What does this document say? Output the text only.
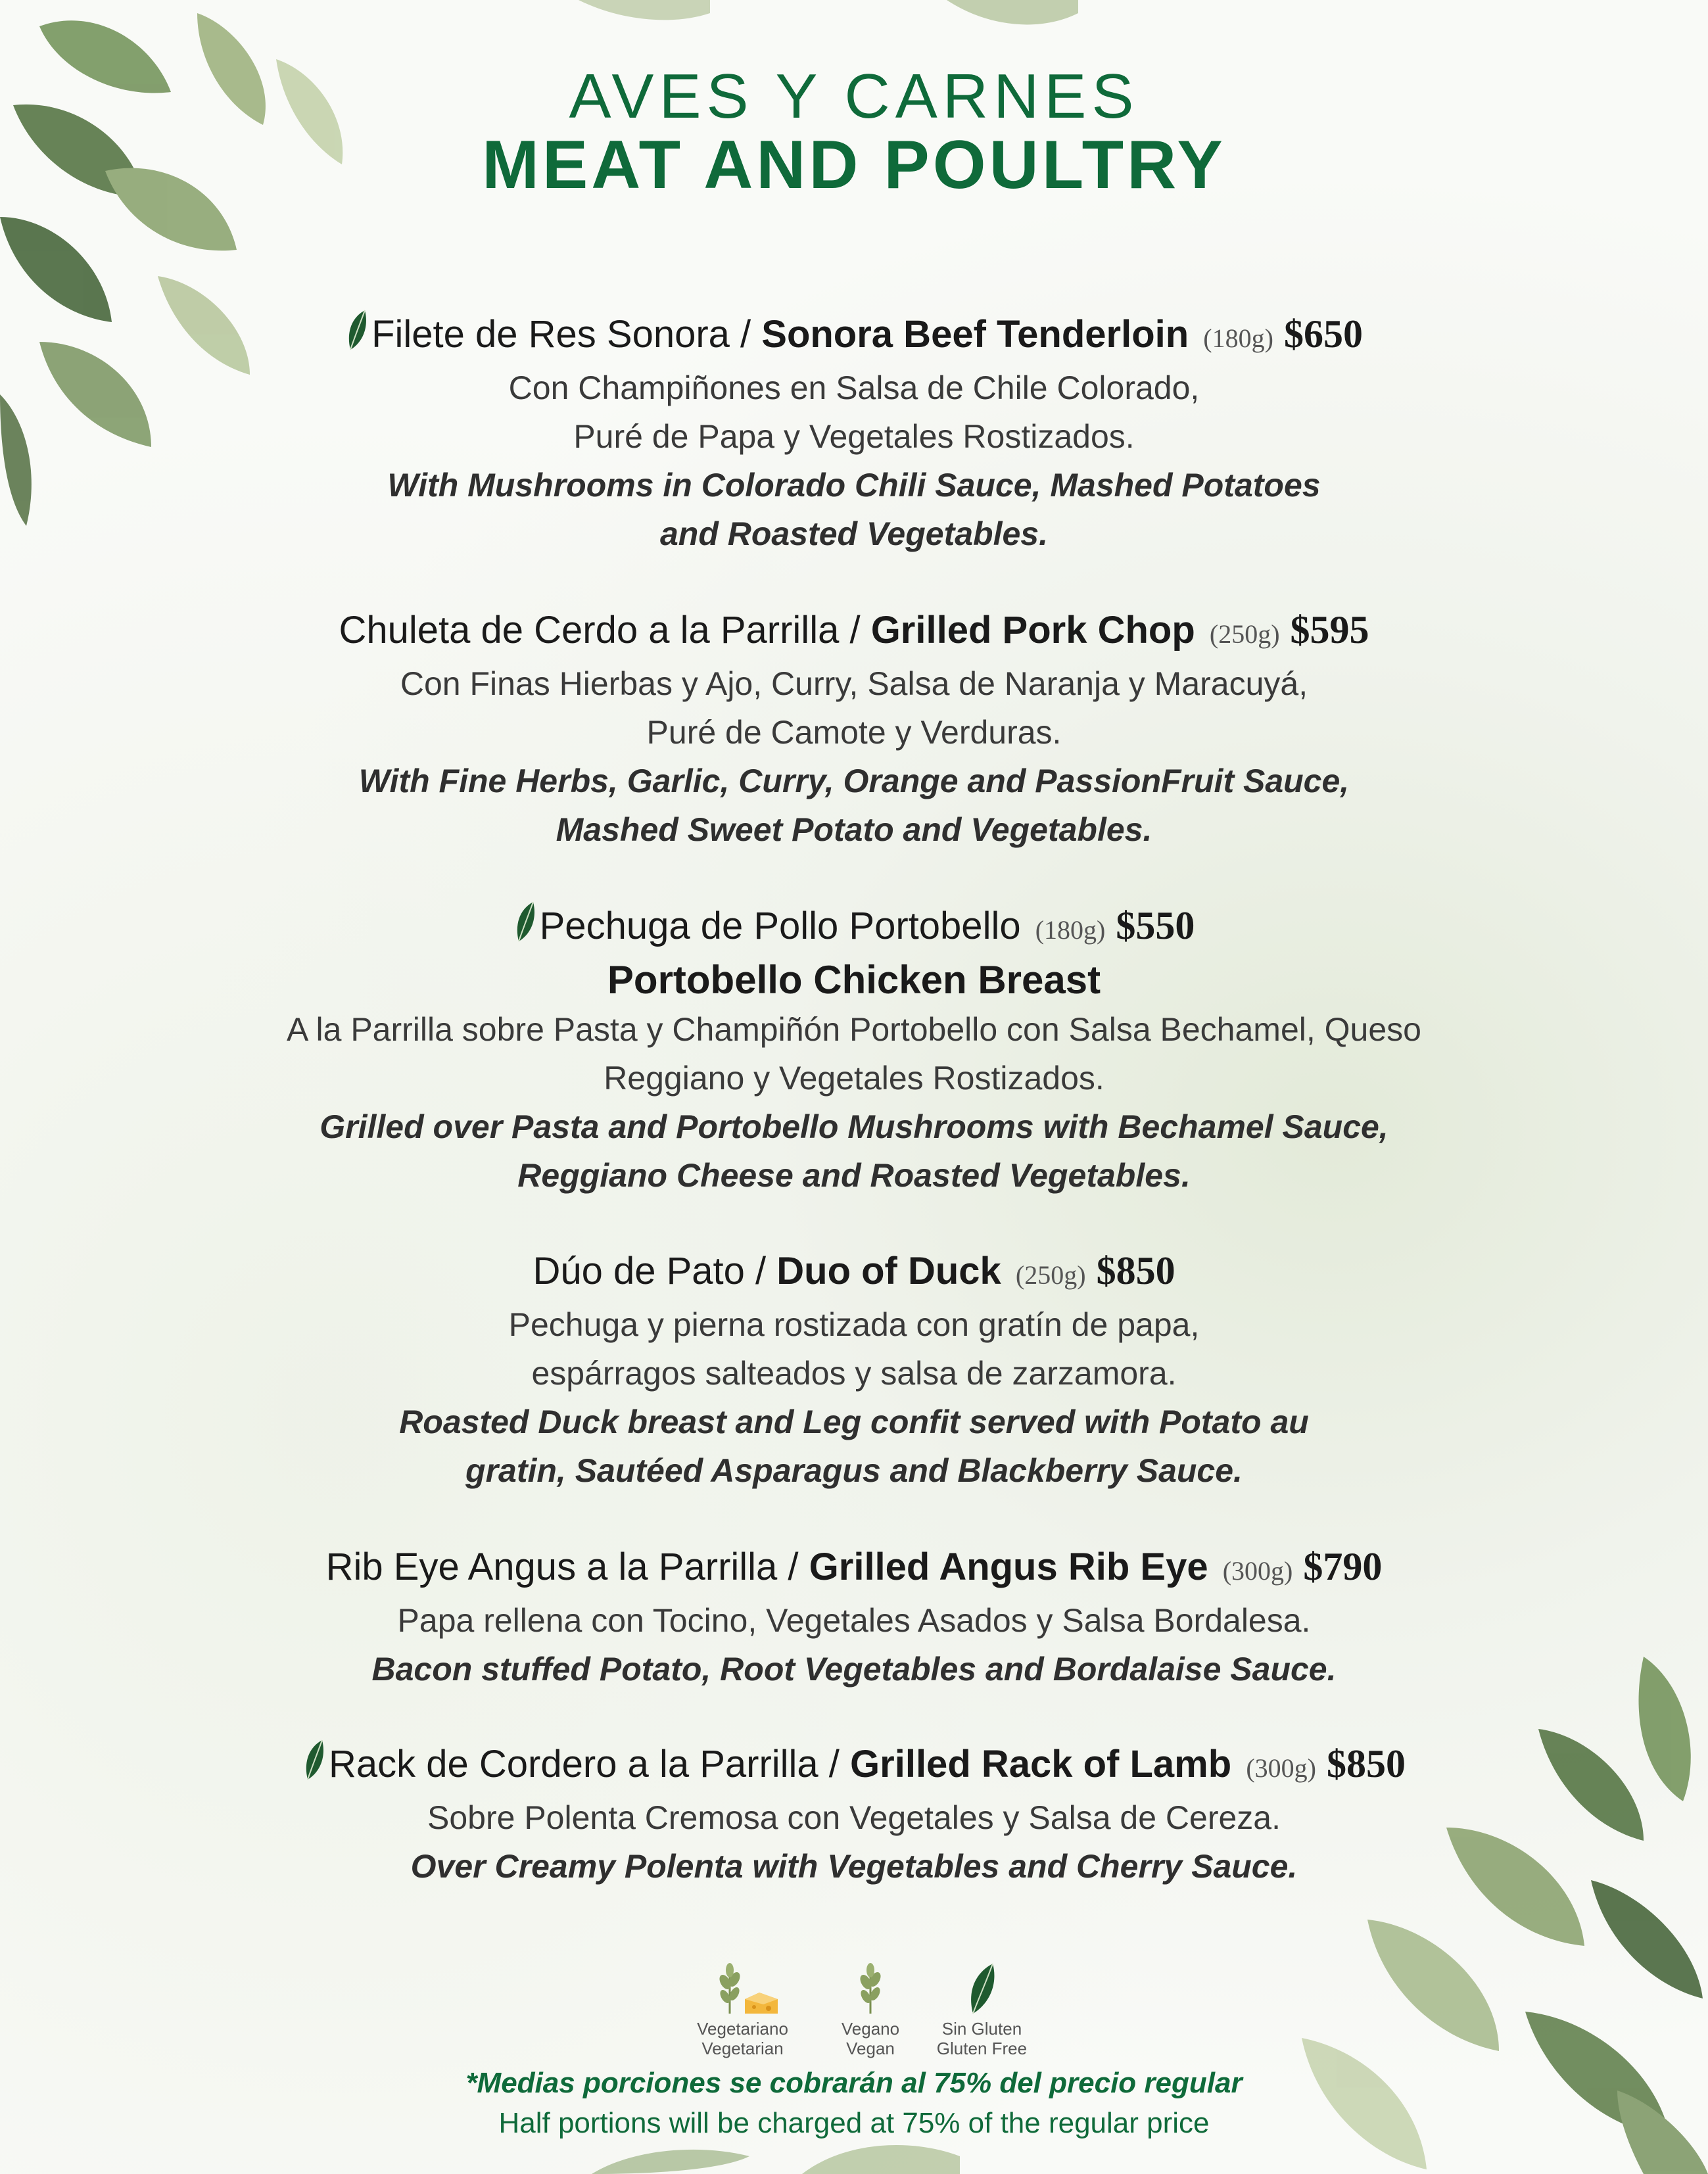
AVES Y CARNES
MEAT AND POULTRY
Filete de Res Sonora / Sonora Beef Tenderloin (180g) $650
Con Champiñones en Salsa de Chile Colorado,
Puré de Papa y Vegetales Rostizados.
With Mushrooms in Colorado Chili Sauce, Mashed Potatoes
and Roasted Vegetables.
Chuleta de Cerdo a la Parrilla / Grilled Pork Chop (250g) $595
Con Finas Hierbas y Ajo, Curry, Salsa de Naranja y Maracuyá,
Puré de Camote y Verduras.
With Fine Herbs, Garlic, Curry, Orange and PassionFruit Sauce,
Mashed Sweet Potato and Vegetables.
Pechuga de Pollo Portobello (180g) $550
Portobello Chicken Breast
A la Parrilla sobre Pasta y Champiñón Portobello con Salsa Bechamel, Queso
Reggiano y Vegetales Rostizados.
Grilled over Pasta and Portobello Mushrooms with Bechamel Sauce,
Reggiano Cheese and Roasted Vegetables.
Dúo de Pato / Duo of Duck (250g) $850
Pechuga y pierna rostizada con gratín de papa,
espárragos salteados y salsa de zarzamora.
Roasted Duck breast and Leg confit served with Potato au
gratin, Sautéed Asparagus and Blackberry Sauce.
Rib Eye Angus a la Parrilla / Grilled Angus Rib Eye (300g) $790
Papa rellena con Tocino, Vegetales Asados y Salsa Bordalesa.
Bacon stuffed Potato, Root Vegetables and Bordalaise Sauce.
Rack de Cordero a la Parrilla / Grilled Rack of Lamb (300g) $850
Sobre Polenta Cremosa con Vegetales y Salsa de Cereza.
Over Creamy Polenta with Vegetables and Cherry Sauce.
Vegetariano
Vegetarian

Vegano
Vegan

Sin Gluten
Gluten Free
*Medias porciones se cobrarán al 75% del precio regular
Half portions will be charged at 75% of the regular price
